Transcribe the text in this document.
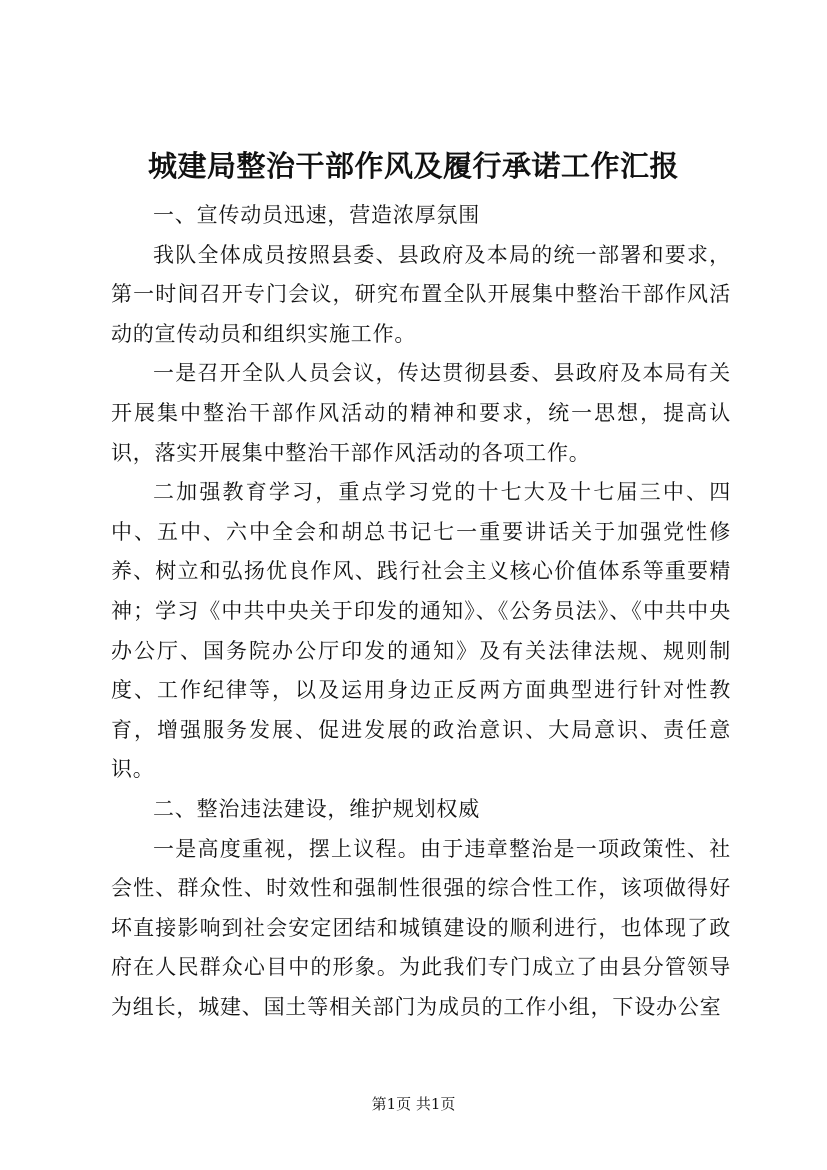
城建局整治干部作风及履行承诺工作汇报

一、宣传动员迅速，营造浓厚氛围

我队全体成员按照县委、县政府及本局的统一部署和要求，第一时间召开专门会议，研究布置全队开展集中整治干部作风活动的宣传动员和组织实施工作。

一是召开全队人员会议，传达贯彻县委、县政府及本局有关开展集中整治干部作风活动的精神和要求，统一思想，提高认识，落实开展集中整治干部作风活动的各项工作。

二加强教育学习，重点学习党的十七大及十七届三中、四中、五中、六中全会和胡总书记七一重要讲话关于加强党性修养、树立和弘扬优良作风、践行社会主义核心价值体系等重要精神；学习《中共中央关于印发的通知》、《公务员法》、《中共中央办公厅、国务院办公厅印发的通知》及有关法律法规、规则制度、工作纪律等，以及运用身边正反两方面典型进行针对性教育，增强服务发展、促进发展的政治意识、大局意识、责任意识。

二、整治违法建设，维护规划权威

一是高度重视，摆上议程。由于违章整治是一项政策性、社会性、群众性、时效性和强制性很强的综合性工作，该项做得好坏直接影响到社会安定团结和城镇建设的顺利进行，也体现了政府在人民群众心目中的形象。为此我们专门成立了由县分管领导为组长，城建、国土等相关部门为成员的工作小组，下设办公室

第1页 共1页
